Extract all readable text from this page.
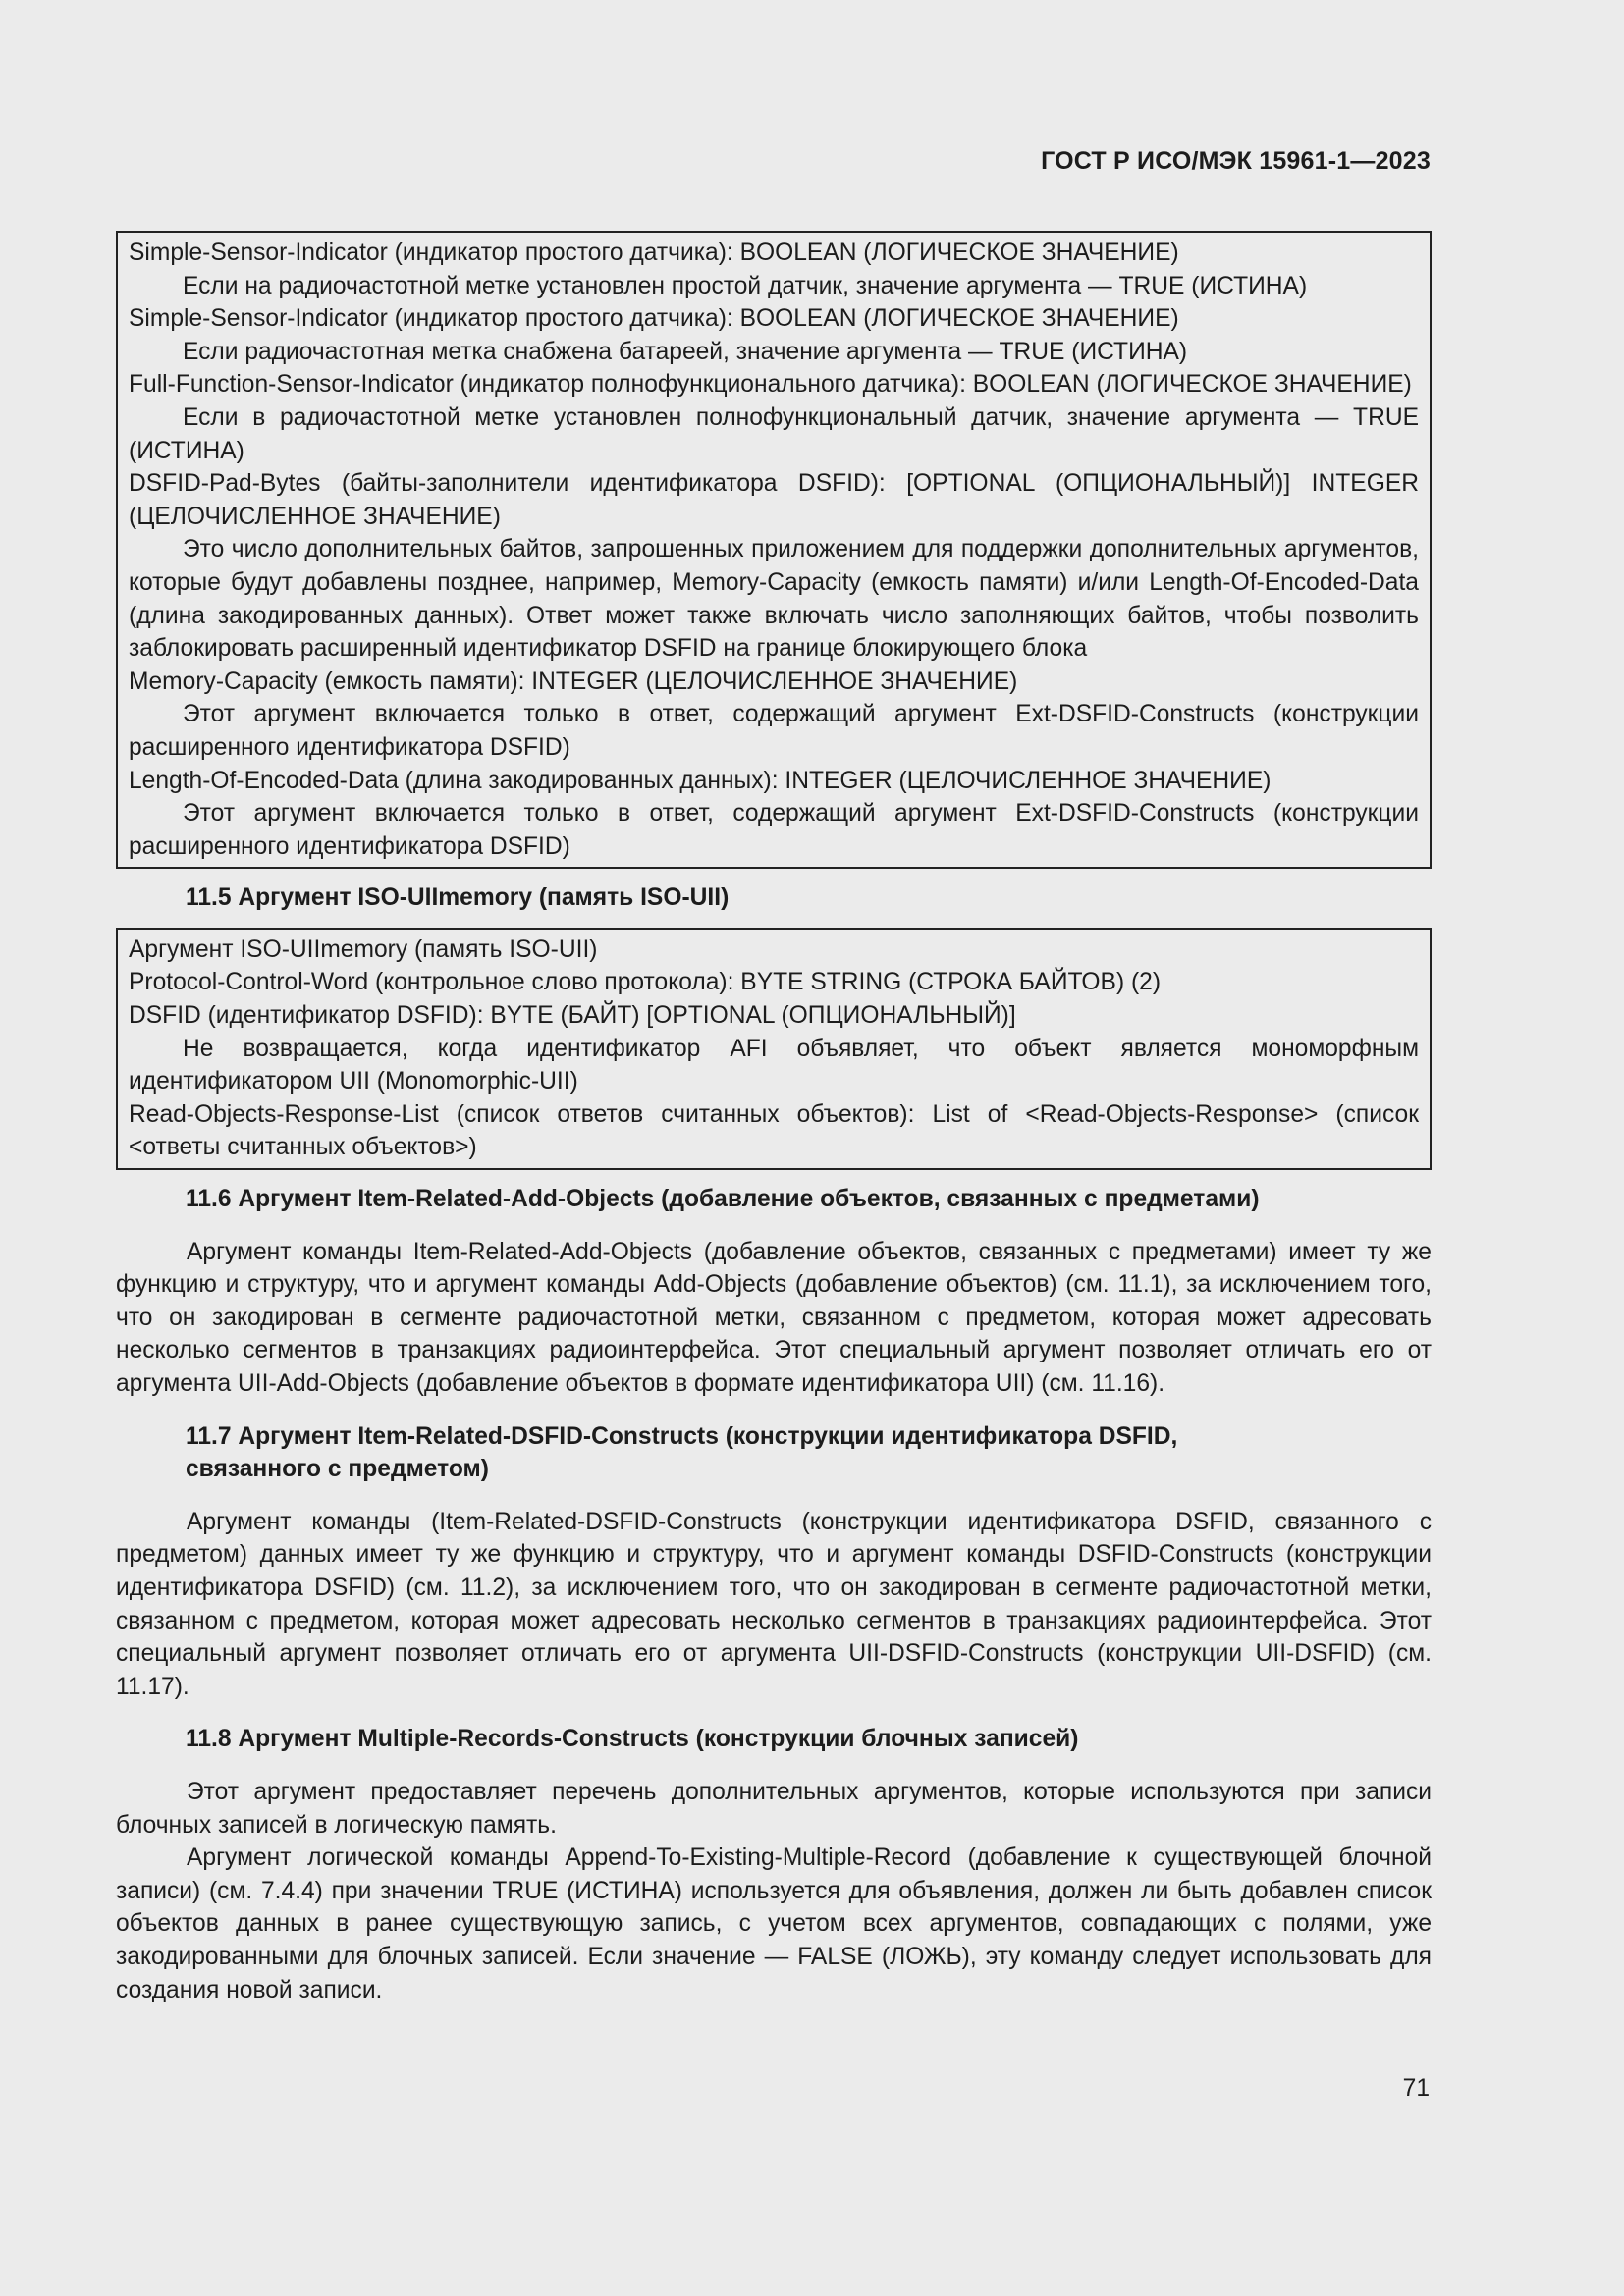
ГОСТ Р ИСО/МЭК 15961-1—2023

Simple-Sensor-Indicator (индикатор простого датчика): BOOLEAN (ЛОГИЧЕСКОЕ ЗНАЧЕНИЕ)

Если на радиочастотной метке установлен простой датчик, значение аргумента — TRUE (ИСТИНА)

Simple-Sensor-Indicator (индикатор простого датчика): BOOLEAN (ЛОГИЧЕСКОЕ ЗНАЧЕНИЕ)

Если радиочастотная метка снабжена батареей, значение аргумента — TRUE (ИСТИНА)

Full-Function-Sensor-Indicator (индикатор полнофункционального датчика): BOOLEAN (ЛОГИЧЕСКОЕ ЗНАЧЕНИЕ)

Если в радиочастотной метке установлен полнофункциональный датчик, значение аргумента — TRUE (ИСТИНА)

DSFID-Pad-Bytes (байты-заполнители идентификатора DSFID): [OPTIONAL (ОПЦИОНАЛЬНЫЙ)] INTEGER (ЦЕЛОЧИСЛЕННОЕ ЗНАЧЕНИЕ)

Это число дополнительных байтов, запрошенных приложением для поддержки дополнительных аргументов, которые будут добавлены позднее, например, Memory-Capacity (емкость памяти) и/или Length-Of-Encoded-Data (длина закодированных данных). Ответ может также включать число заполняющих байтов, чтобы позволить заблокировать расширенный идентификатор DSFID на границе блокирующего блока

Memory-Capacity (емкость памяти): INTEGER (ЦЕЛОЧИСЛЕННОЕ ЗНАЧЕНИЕ)

Этот аргумент включается только в ответ, содержащий аргумент Ext-DSFID-Constructs (конструкции расширенного идентификатора DSFID)

Length-Of-Encoded-Data (длина закодированных данных): INTEGER (ЦЕЛОЧИСЛЕННОЕ ЗНАЧЕНИЕ)

Этот аргумент включается только в ответ, содержащий аргумент Ext-DSFID-Constructs (конструкции расширенного идентификатора DSFID)

11.5 Аргумент ISO-UIImemory (память ISO-UII)

Аргумент ISO-UIImemory (память ISO-UII)

Protocol-Control-Word (контрольное слово протокола): BYTE STRING (СТРОКА БАЙТОВ) (2)

DSFID (идентификатор DSFID): BYTE (БАЙТ) [OPTIONAL (ОПЦИОНАЛЬНЫЙ)]

Не возвращается, когда идентификатор AFI объявляет, что объект является мономорфным идентификатором UII (Monomorphic-UII)

Read-Objects-Response-List (список ответов считанных объектов): List of <Read-Objects-Response> (список <ответы считанных объектов>)

11.6 Аргумент Item-Related-Add-Objects (добавление объектов, связанных с предметами)

Аргумент команды Item-Related-Add-Objects (добавление объектов, связанных с предметами) имеет ту же функцию и структуру, что и аргумент команды Add-Objects (добавление объектов) (см. 11.1), за исключением того, что он закодирован в сегменте радиочастотной метки, связанном с предметом, которая может адресовать несколько сегментов в транзакциях радиоинтерфейса. Этот специальный аргумент позволяет отличать его от аргумента UII-Add-Objects (добавление объектов в формате идентификатора UII) (см. 11.16).

11.7 Аргумент Item-Related-DSFID-Constructs (конструкции идентификатора DSFID,
связанного с предметом)

Аргумент команды (Item-Related-DSFID-Constructs (конструкции идентификатора DSFID, связанного с предметом) данных имеет ту же функцию и структуру, что и аргумент команды DSFID-Constructs (конструкции идентификатора DSFID) (см. 11.2), за исключением того, что он закодирован в сегменте радиочастотной метки, связанном с предметом, которая может адресовать несколько сегментов в транзакциях радиоинтерфейса. Этот специальный аргумент позволяет отличать его от аргумента UII-DSFID-Constructs (конструкции UII-DSFID) (см. 11.17).

11.8 Аргумент Multiple-Records-Constructs (конструкции блочных записей)

Этот аргумент предоставляет перечень дополнительных аргументов, которые используются при записи блочных записей в логическую память.

Аргумент логической команды Append-To-Existing-Multiple-Record (добавление к существующей блочной записи) (см. 7.4.4) при значении TRUE (ИСТИНА) используется для объявления, должен ли быть добавлен список объектов данных в ранее существующую запись, с учетом всех аргументов, совпадающих с полями, уже закодированными для блочных записей. Если значение — FALSE (ЛОЖЬ), эту команду следует использовать для создания новой записи.

71
